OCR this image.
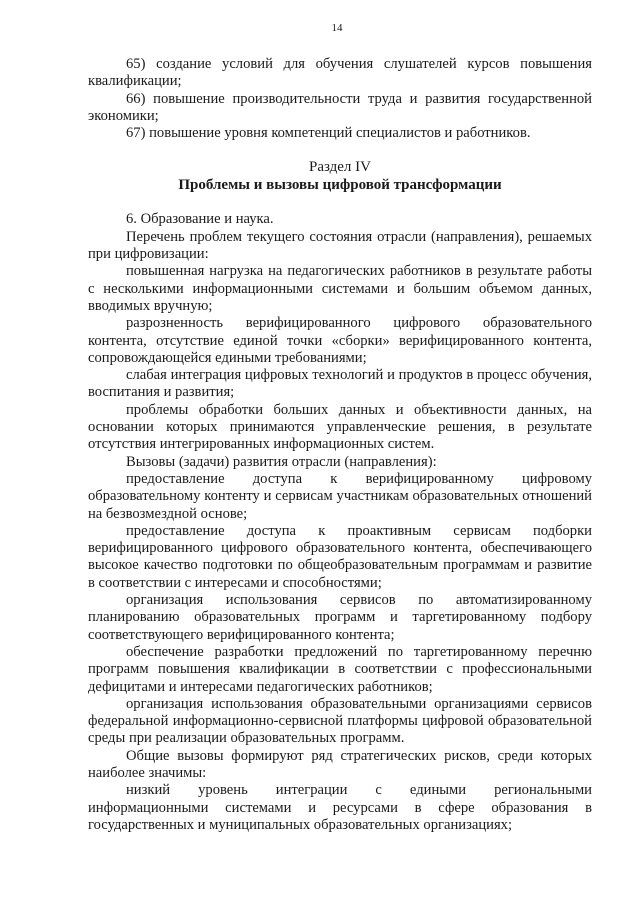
14

65) создание условий для обучения слушателей курсов повышения квалификации;

66) повышение производительности труда и развития государственной экономики;

67) повышение уровня компетенций специалистов и работников.

Раздел IV

Проблемы и вызовы цифровой трансформации

6. Образование и наука.

Перечень проблем текущего состояния отрасли (направления), решаемых при цифровизации:

повышенная нагрузка на педагогических работников в результате работы с несколькими информационными системами и большим объемом данных, вводимых вручную;

разрозненность верифицированного цифрового образовательного контента, отсутствие единой точки «сборки» верифицированного контента, сопровождающейся едиными требованиями;

слабая интеграция цифровых технологий и продуктов в процесс обучения, воспитания и развития;

проблемы обработки больших данных и объективности данных, на основании которых принимаются управленческие решения, в результате отсутствия интегрированных информационных систем.

Вызовы (задачи) развития отрасли (направления):

предоставление доступа к верифицированному цифровому образовательному контенту и сервисам участникам образовательных отношений на безвозмездной основе;

предоставление доступа к проактивным сервисам подборки верифицированного цифрового образовательного контента, обеспечивающего высокое качество подготовки по общеобразовательным программам и развитие в соответствии с интересами и способностями;

организация использования сервисов по автоматизированному планированию образовательных программ и таргетированному подбору соответствующего верифицированного контента;

обеспечение разработки предложений по таргетированному перечню программ повышения квалификации в соответствии с профессиональными дефицитами и интересами педагогических работников;

организация использования образовательными организациями сервисов федеральной информационно-сервисной платформы цифровой образовательной среды при реализации образовательных программ.

Общие вызовы формируют ряд стратегических рисков, среди которых наиболее значимы:

низкий уровень интеграции с едиными региональными информационными системами и ресурсами в сфере образования в государственных и муниципальных образовательных организациях;
